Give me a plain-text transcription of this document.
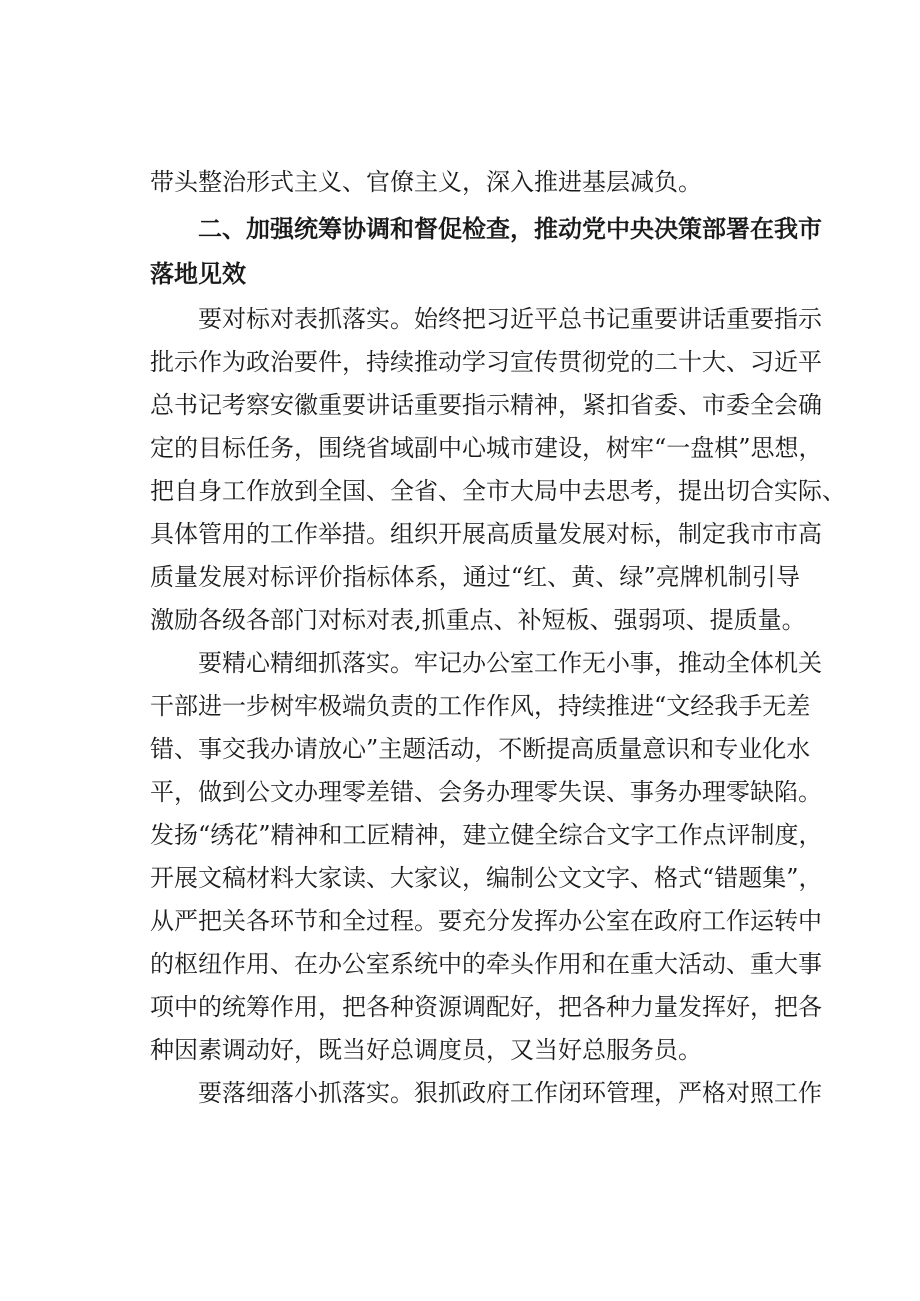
带头整治形式主义、官僚主义，深入推进基层减负。
二、加强统筹协调和督促检查，推动党中央决策部署在我市
落地见效
要对标对表抓落实。始终把习近平总书记重要讲话重要指示
批示作为政治要件，持续推动学习宣传贯彻党的二十大、习近平
总书记考察安徽重要讲话重要指示精神，紧扣省委、市委全会确
定的目标任务，围绕省域副中心城市建设，树牢“一盘棋”思想，
把自身工作放到全国、全省、全市大局中去思考，提出切合实际、
具体管用的工作举措。组织开展高质量发展对标，制定我市市高
质量发展对标评价指标体系，通过“红、黄、绿”亮牌机制引导
激励各级各部门对标对表,抓重点、补短板、强弱项、提质量。
要精心精细抓落实。牢记办公室工作无小事，推动全体机关
干部进一步树牢极端负责的工作作风，持续推进“文经我手无差
错、事交我办请放心”主题活动，不断提高质量意识和专业化水
平，做到公文办理零差错、会务办理零失误、事务办理零缺陷。
发扬“绣花”精神和工匠精神，建立健全综合文字工作点评制度，
开展文稿材料大家读、大家议，编制公文文字、格式“错题集”，
从严把关各环节和全过程。要充分发挥办公室在政府工作运转中
的枢纽作用、在办公室系统中的牵头作用和在重大活动、重大事
项中的统筹作用，把各种资源调配好，把各种力量发挥好，把各
种因素调动好，既当好总调度员，又当好总服务员。
要落细落小抓落实。狠抓政府工作闭环管理，严格对照工作
